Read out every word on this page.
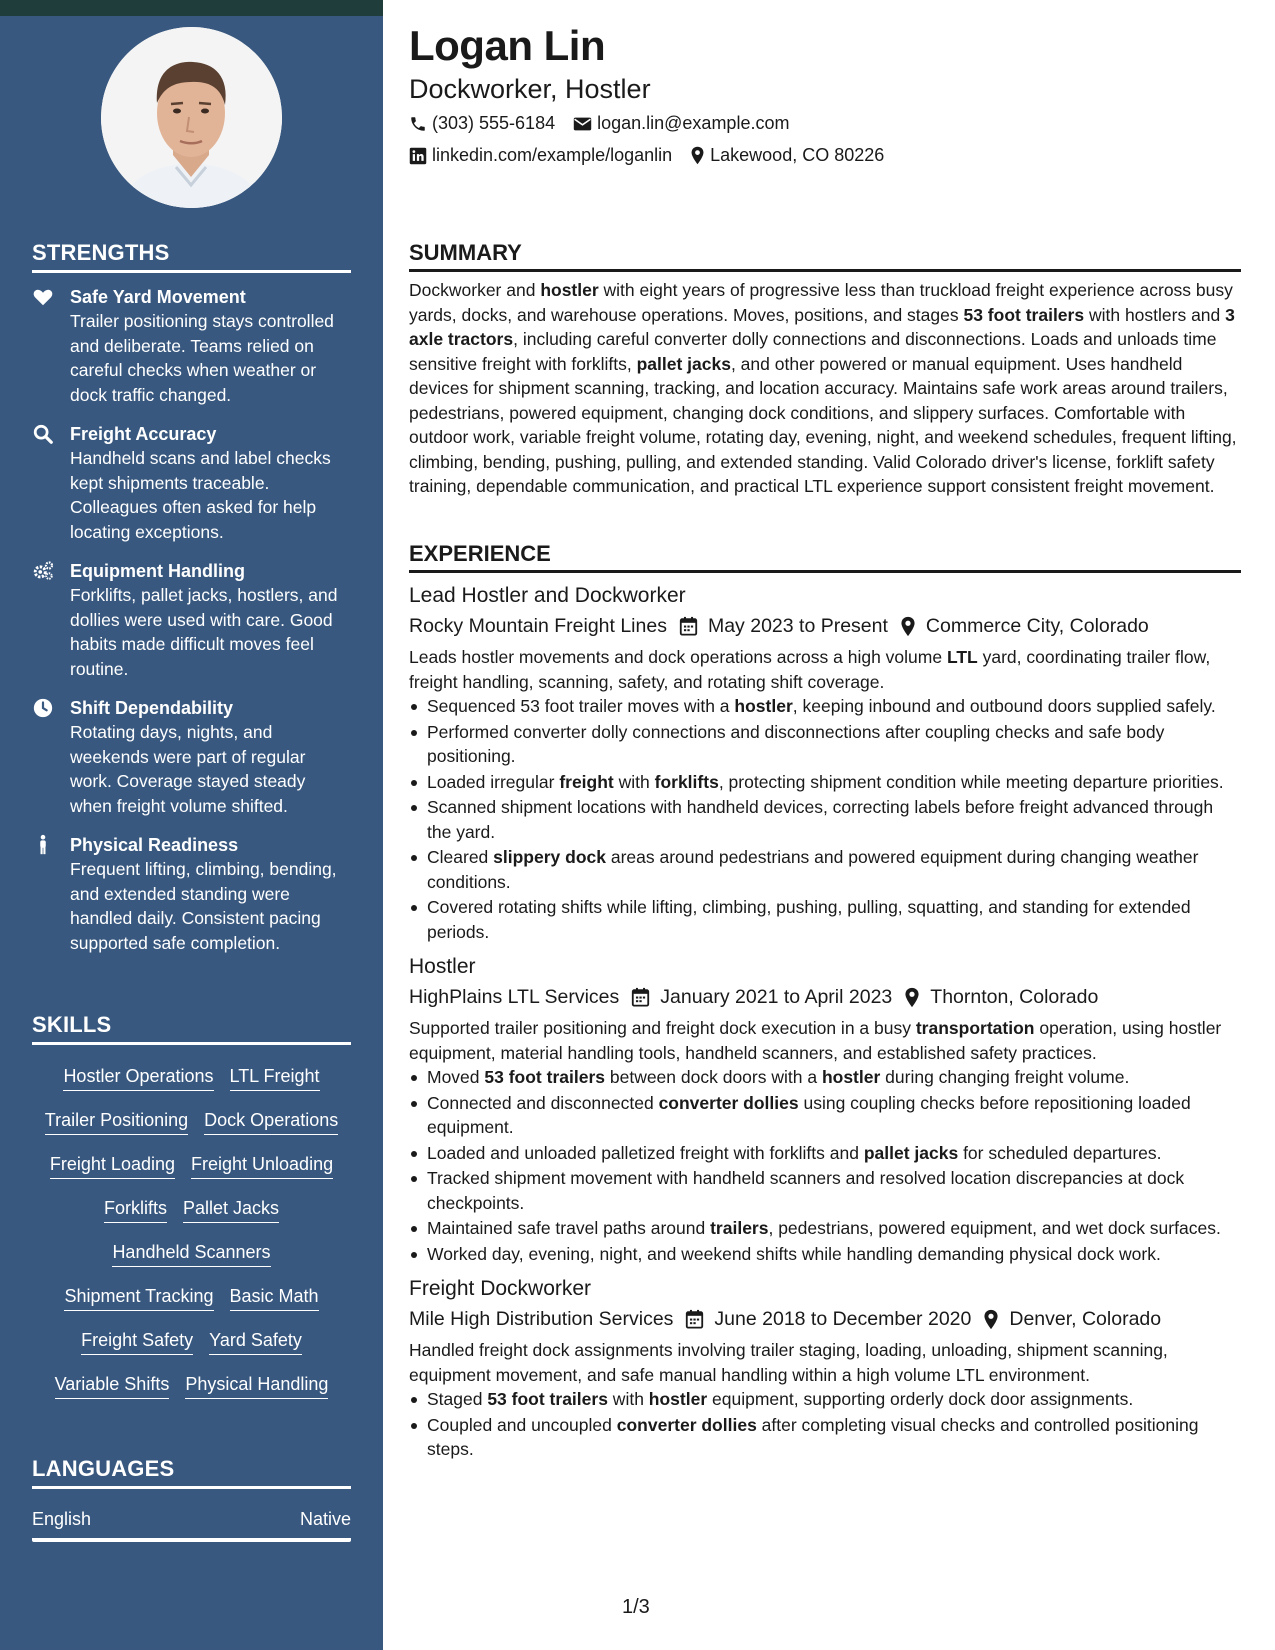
STRENGTHS
Safe Yard Movement
Trailer positioning stays controlled and deliberate. Teams relied on careful checks when weather or dock traffic changed.
Freight Accuracy
Handheld scans and label checks kept shipments traceable. Colleagues often asked for help locating exceptions.
Equipment Handling
Forklifts, pallet jacks, hostlers, and dollies were used with care. Good habits made difficult moves feel routine.
Shift Dependability
Rotating days, nights, and weekends were part of regular work. Coverage stayed steady when freight volume shifted.
Physical Readiness
Frequent lifting, climbing, bending, and extended standing were handled daily. Consistent pacing supported safe completion.
SKILLS
Hostler Operations LTL Freight
Trailer Positioning Dock Operations
Freight Loading Freight Unloading
Forklifts Pallet Jacks
Handheld Scanners
Shipment Tracking Basic Math
Freight Safety Yard Safety
Variable Shifts Physical Handling
LANGUAGES
English	Native
Logan Lin
Dockworker, Hostler
(303) 555-6184 logan.lin@example.com
linkedin.com/example/loganlin Lakewood, CO 80226
SUMMARY
Dockworker and hostler with eight years of progressive less than truckload freight experience across busy yards, docks, and warehouse operations. Moves, positions, and stages 53 foot trailers with hostlers and 3 axle tractors, including careful converter dolly connections and disconnections. Loads and unloads time sensitive freight with forklifts, pallet jacks, and other powered or manual equipment. Uses handheld devices for shipment scanning, tracking, and location accuracy. Maintains safe work areas around trailers, pedestrians, powered equipment, changing dock conditions, and slippery surfaces. Comfortable with outdoor work, variable freight volume, rotating day, evening, night, and weekend schedules, frequent lifting, climbing, bending, pushing, pulling, and extended standing. Valid Colorado driver's license, forklift safety training, dependable communication, and practical LTL experience support consistent freight movement.
EXPERIENCE
Lead Hostler and Dockworker
Rocky Mountain Freight Lines May 2023 to Present Commerce City, Colorado
Leads hostler movements and dock operations across a high volume LTL yard, coordinating trailer flow, freight handling, scanning, safety, and rotating shift coverage.
Sequenced 53 foot trailer moves with a hostler, keeping inbound and outbound doors supplied safely.
Performed converter dolly connections and disconnections after coupling checks and safe body positioning.
Loaded irregular freight with forklifts, protecting shipment condition while meeting departure priorities.
Scanned shipment locations with handheld devices, correcting labels before freight advanced through the yard.
Cleared slippery dock areas around pedestrians and powered equipment during changing weather conditions.
Covered rotating shifts while lifting, climbing, pushing, pulling, squatting, and standing for extended periods.
Hostler
HighPlains LTL Services January 2021 to April 2023 Thornton, Colorado
Supported trailer positioning and freight dock execution in a busy transportation operation, using hostler equipment, material handling tools, handheld scanners, and established safety practices.
Moved 53 foot trailers between dock doors with a hostler during changing freight volume.
Connected and disconnected converter dollies using coupling checks before repositioning loaded equipment.
Loaded and unloaded palletized freight with forklifts and pallet jacks for scheduled departures.
Tracked shipment movement with handheld scanners and resolved location discrepancies at dock checkpoints.
Maintained safe travel paths around trailers, pedestrians, powered equipment, and wet dock surfaces.
Worked day, evening, night, and weekend shifts while handling demanding physical dock work.
Freight Dockworker
Mile High Distribution Services June 2018 to December 2020 Denver, Colorado
Handled freight dock assignments involving trailer staging, loading, unloading, shipment scanning, equipment movement, and safe manual handling within a high volume LTL environment.
Staged 53 foot trailers with hostler equipment, supporting orderly dock door assignments.
Coupled and uncoupled converter dollies after completing visual checks and controlled positioning steps.
1/3
